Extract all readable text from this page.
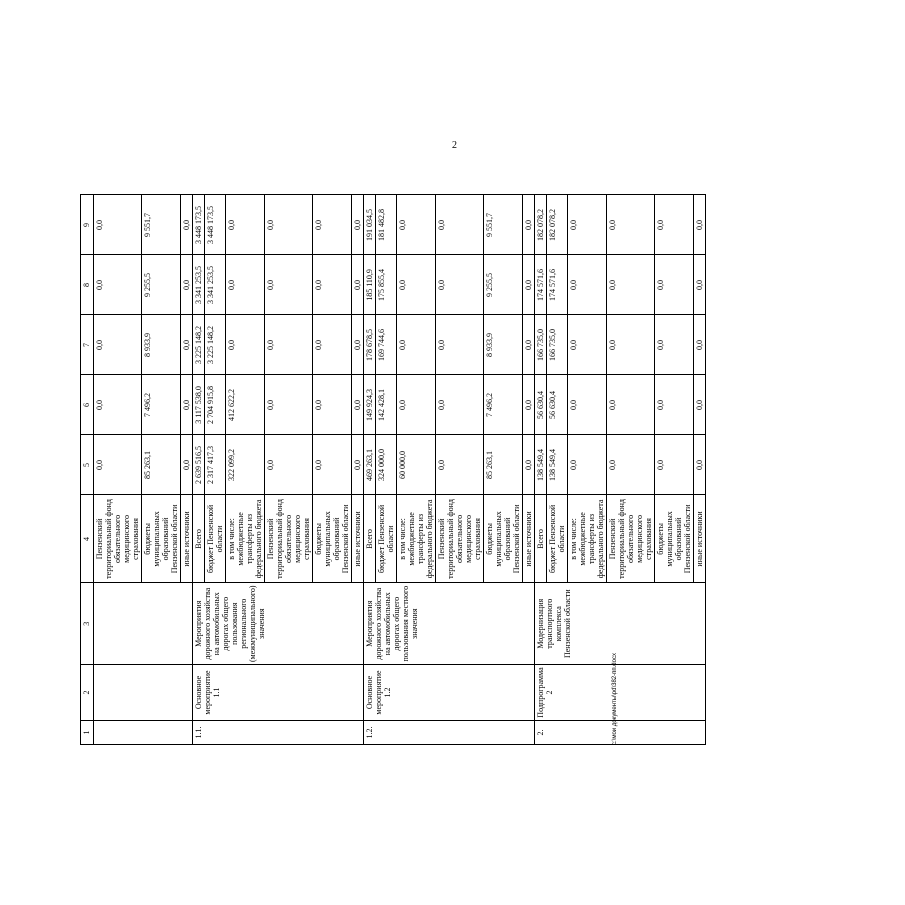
2
1	2	3	4	5	6	7	8	9
			Пензенский территориальный фонд обязательного медицинского страхования	0,0	0,0	0,0	0,0	0,0
			бюджеты муниципальных образований Пензенской области	85 263,1	7 496,2	8 933,9	9 255,5	9 551,7
			иные источники	0,0	0,0	0,0	0,0	0,0
1.1.	Основное мероприятие 1.1	Мероприятия дорожного хозяйства на автомобильных дорогах общего пользования регионального (межмуниципального) значения	Всего	2 639 516,5	3 117 538,0	3 225 148,2	3 341 253,5	3 448 173,5
			бюджет Пензенской области	2 317 417,3	2 704 915,8	3 225 148,2	3 341 253,5	3 448 173,5
			в том числе: межбюджетные трансферты из федерального бюджета	322 099,2	412 622,2	0,0	0,0	0,0
			Пензенский территориальный фонд обязательного медицинского страхования	0,0	0,0	0,0	0,0	0,0
			бюджеты муниципальных образований Пензенской области	0,0	0,0	0,0	0,0	0,0
			иные источники	0,0	0,0	0,0	0,0	0,0
1.2.	Основное мероприятие 1.2	Мероприятия дорожного хозяйства на автомобильных дорогах общего пользования местного значения	Всего	469 263,1	149 924,3	178 678,5	185 110,9	191 034,5
			бюджет Пензенской области	324 000,0	142 428,1	169 744,6	175 855,4	181 482,8
			в том числе: межбюджетные трансферты из федерального бюджета	60 000,0	0,0	0,0	0,0	0,0
			Пензенский территориальный фонд обязательного медицинского страхования	0,0	0,0	0,0	0,0	0,0
			бюджеты муниципальных образований Пензенской области	85 263,1	7 496,2	8 933,9	9 255,5	9 551,7
			иные источники	0,0	0,0	0,0	0,0	0,0
2.	Подпрограмма 2	Модернизация транспортного комплекса Пензенской области	Всего	138 549,4	56 630,4	166 735,0	174 571,6	182 078,2
			бюджет Пензенской области	138 549,4	56 630,4	166 735,0	174 571,6	182 078,2
			в том числе: межбюджетные трансферты из федерального бюджета	0,0	0,0	0,0	0,0	0,0
			Пензенский территориальный фонд обязательного медицинского страхования	0,0	0,0	0,0	0,0	0,0
			бюджеты муниципальных образований Пензенской области	0,0	0,0	0,0	0,0	0,0
			иные источники	0,0	0,0	0,0	0,0	0,0
c:\мои документы\pd\382-пп.docx
